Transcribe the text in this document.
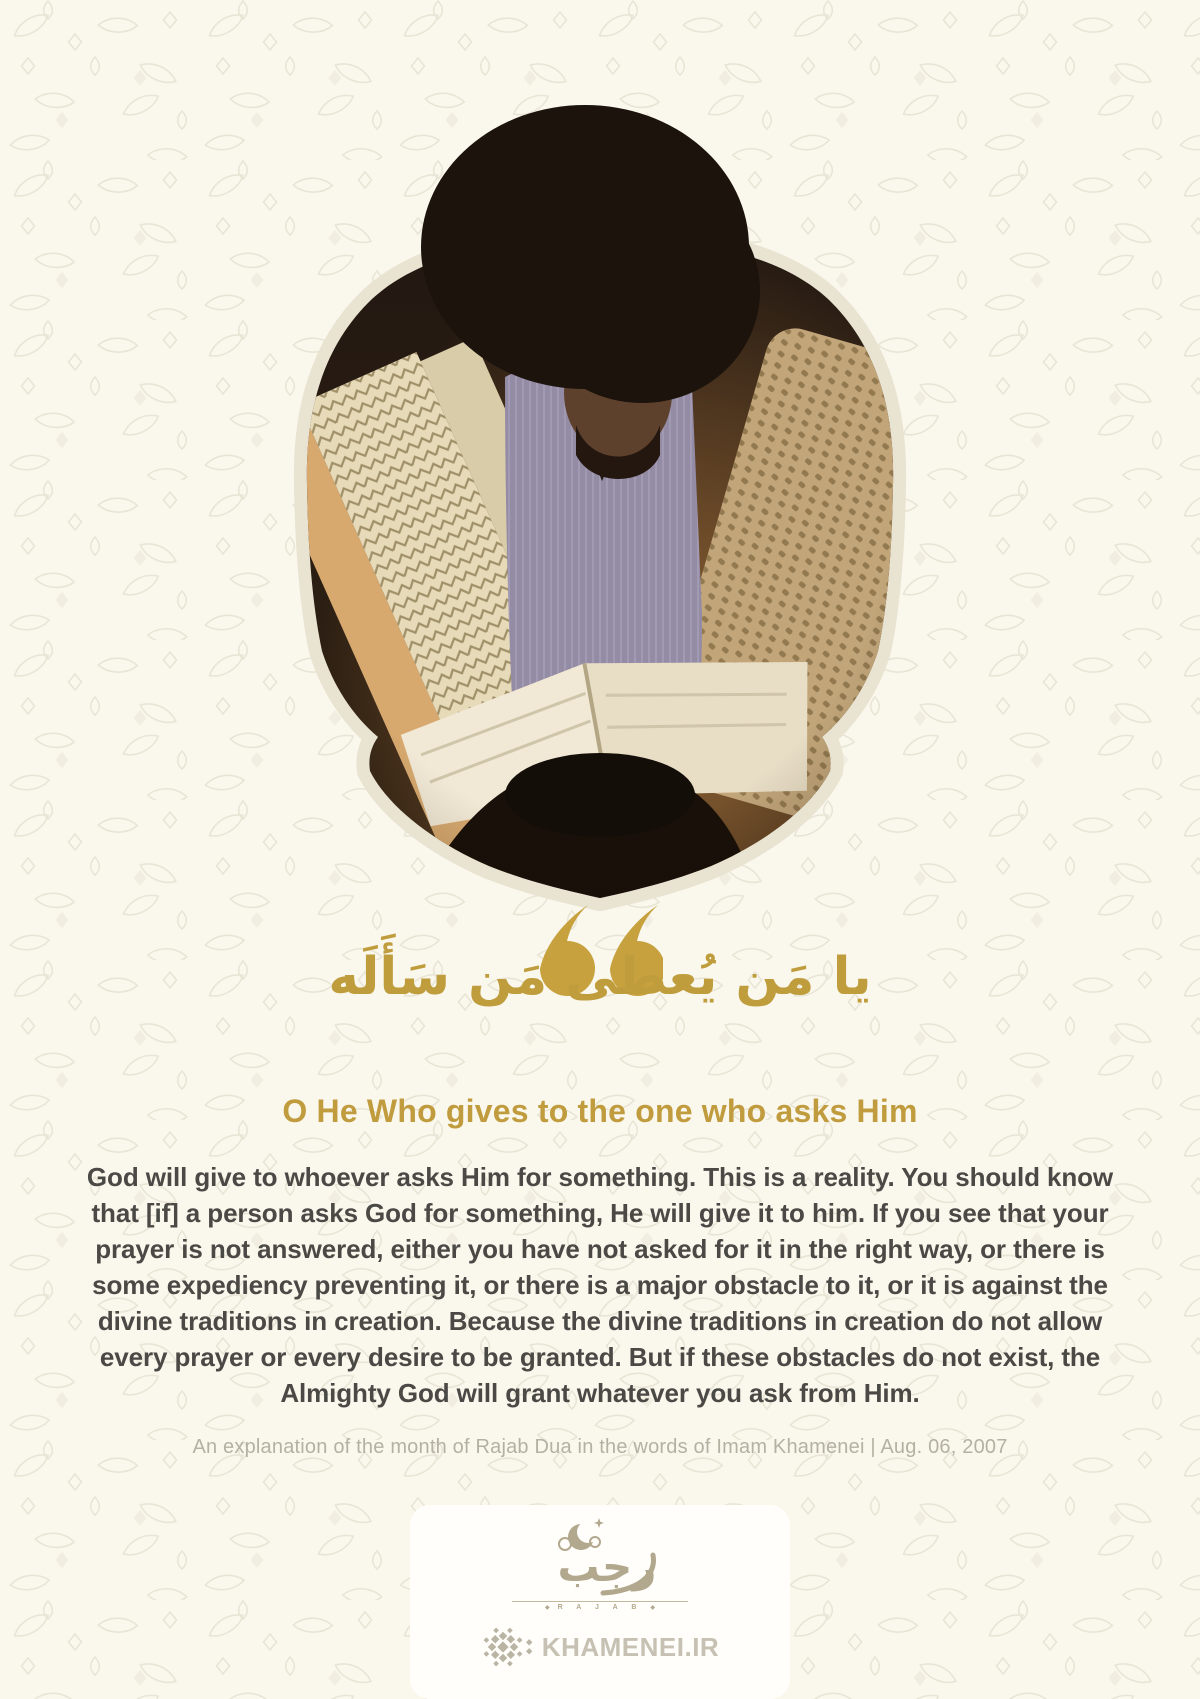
يا مَن يُعطى مَن سَأَلَه
O He Who gives to the one who asks Him

God will give to whoever asks Him for something. This is a reality. You should know that [if] a person asks God for something, He will give it to him. If you see that your prayer is not answered, either you have not asked for it in the right way, or there is some expediency preventing it, or there is a major obstacle to it, or it is against the divine traditions in creation. Because the divine traditions in creation do not allow every prayer or every desire to be granted. But if these obstacles do not exist, the Almighty God will grant whatever you ask from Him.

An explanation of the month of Rajab Dua in the words of Imam Khamenei | Aug. 06, 2007
رجب
◆ R A J A B ◆
KHAMENEI.IR
